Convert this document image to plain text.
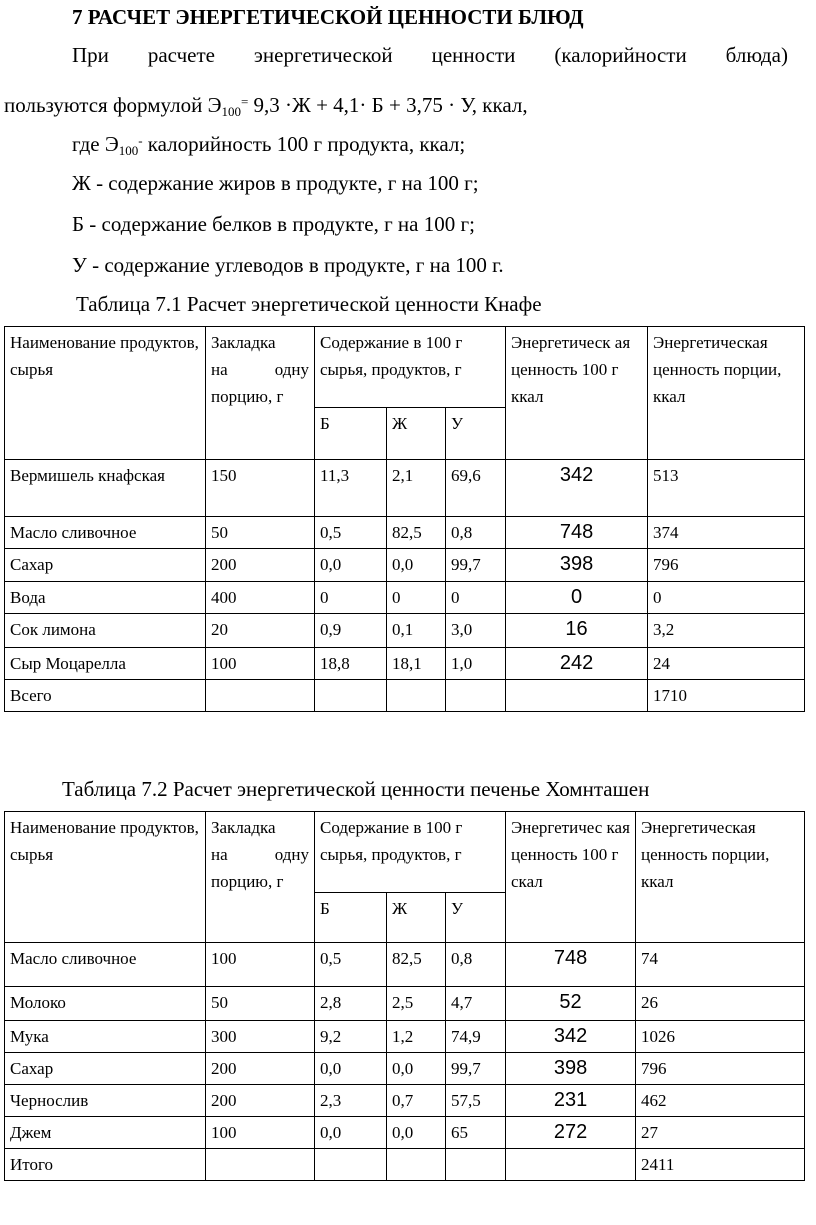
7 РАСЧЕТ ЭНЕРГЕТИЧЕСКОЙ ЦЕННОСТИ БЛЮД
При расчете энергетической ценности (калорийности блюда)
пользуются формулой $Э_{100}^=$ 9,3 ·Ж + 4,1· Б + 3,75 · У, ккал,
где $Э_{100}^-$ калорийность 100 г продукта, ккал;
Ж - содержание жиров в продукте, г на 100 г;
Б - содержание белков в продукте, г на 100 г;
У - содержание углеводов в продукте, г на 100 г.
Таблица 7.1 Расчет энергетической ценности Кнафе
Наименование продуктов, сырья	Закладка
на одну
порцию, г	Содержание в 100 г сырья, продуктов, г			Энергетическ ая ценность 100 г ккал	Энергетическая ценность порции, ккал
		Б	Ж	У		
Вермишель кнафская	150	11,3	2,1	69,6	342	513
Масло сливочное	50	0,5	82,5	0,8	748	374
Сахар	200	0,0	0,0	99,7	398	796
Вода	400	0	0	0	0	0
Сок лимона	20	0,9	0,1	3,0	16	3,2
Сыр Моцарелла	100	18,8	18,1	1,0	242	24
Всего						1710
Таблица 7.2 Расчет энергетической ценности печенье Хомнташен
Наименование продуктов, сырья	Закладка
на одну
порцию, г	Содержание в 100 г сырья, продуктов, г			Энергетичес кая ценность 100 г скал	Энергетическая ценность порции, ккал
		Б	Ж	У		
Масло сливочное	100	0,5	82,5	0,8	748	74
Молоко	50	2,8	2,5	4,7	52	26
Мука	300	9,2	1,2	74,9	342	1026
Сахар	200	0,0	0,0	99,7	398	796
Чернослив	200	2,3	0,7	57,5	231	462
Джем	100	0,0	0,0	65	272	27
Итого						2411
